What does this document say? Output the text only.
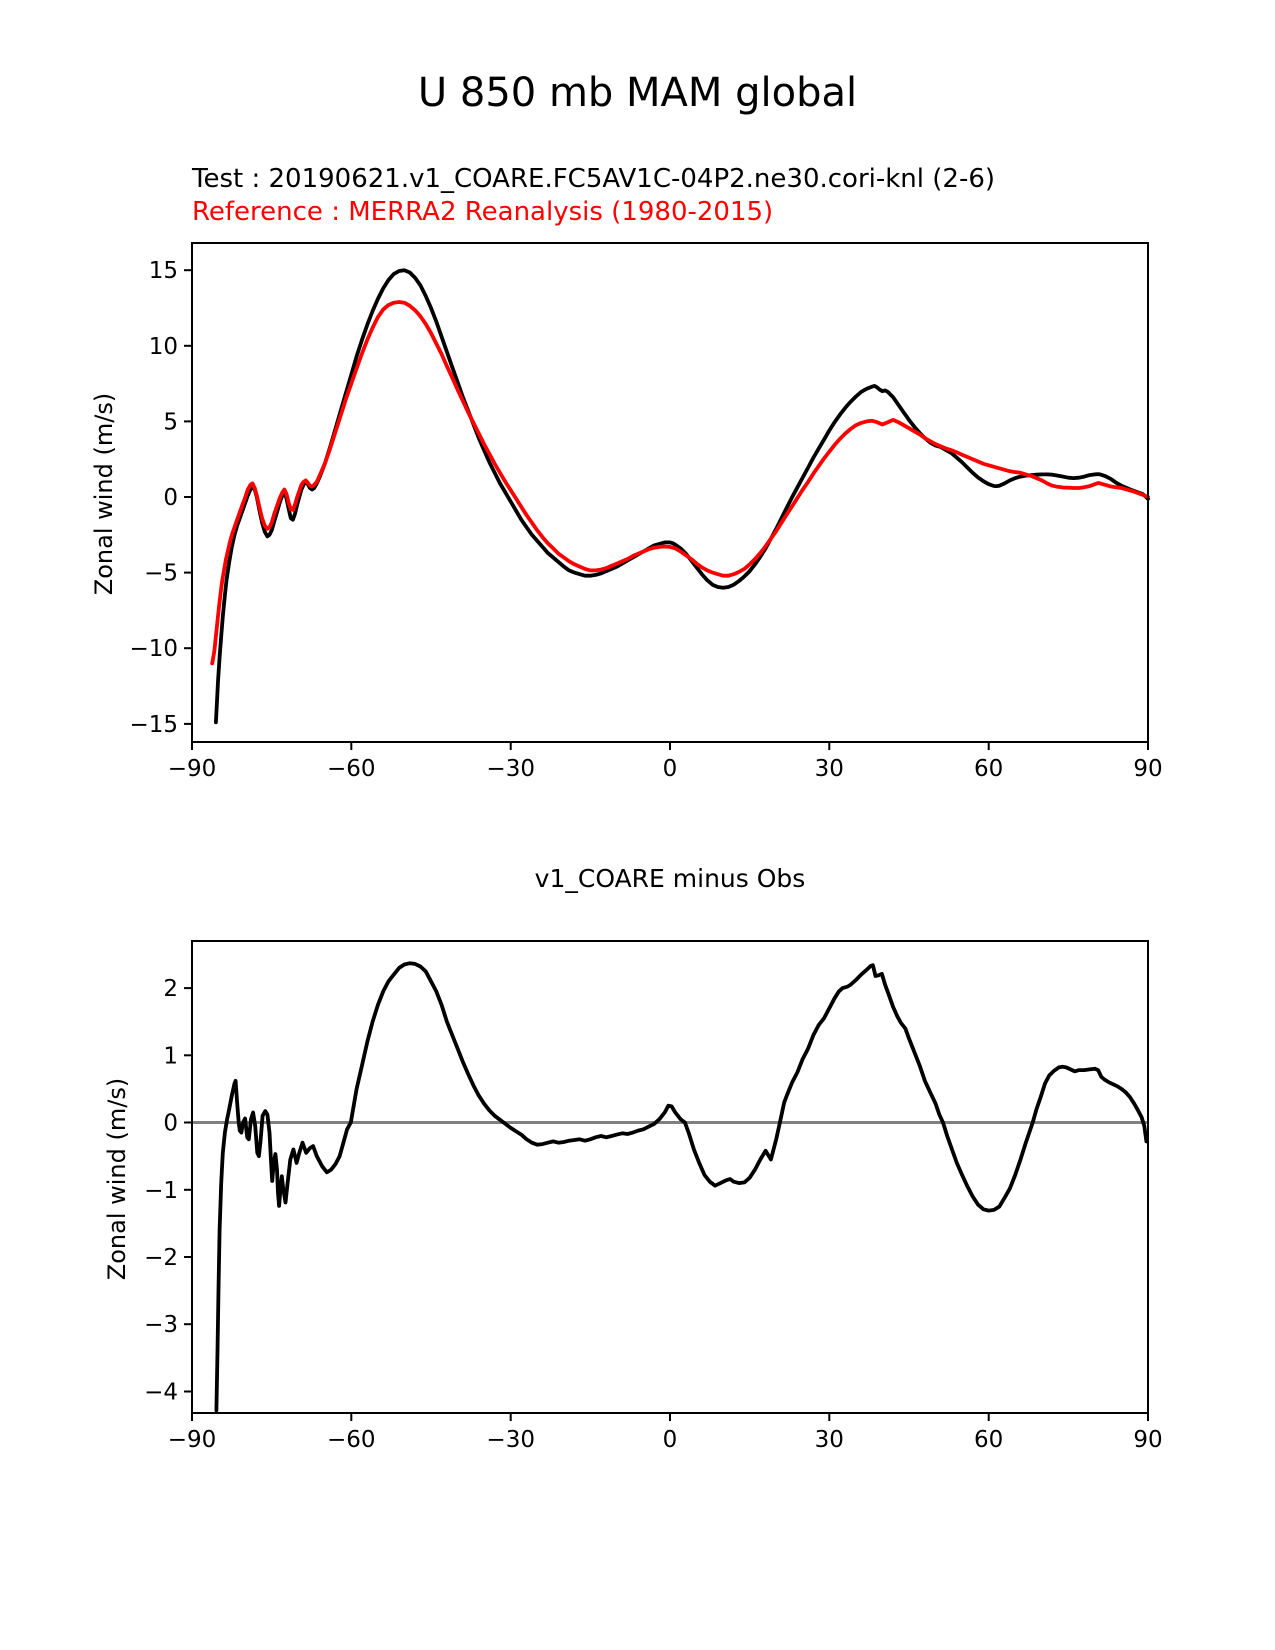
U 850 mb MAM global
Test : 20190621.v1_COARE.FC5AV1C-04P2.ne30.cori-knl (2-6)
Reference : MERRA2 Reanalysis (1980-2015)
Zonal wind (m/s)
−90	−60	−30	0	30	60	90
15
10
5
0
−5
−10
−15
v1_COARE minus Obs
Zonal wind (m/s)
−90	−60	−30	0	30	60	90
2
1
0
−1
−2
−3
−4
